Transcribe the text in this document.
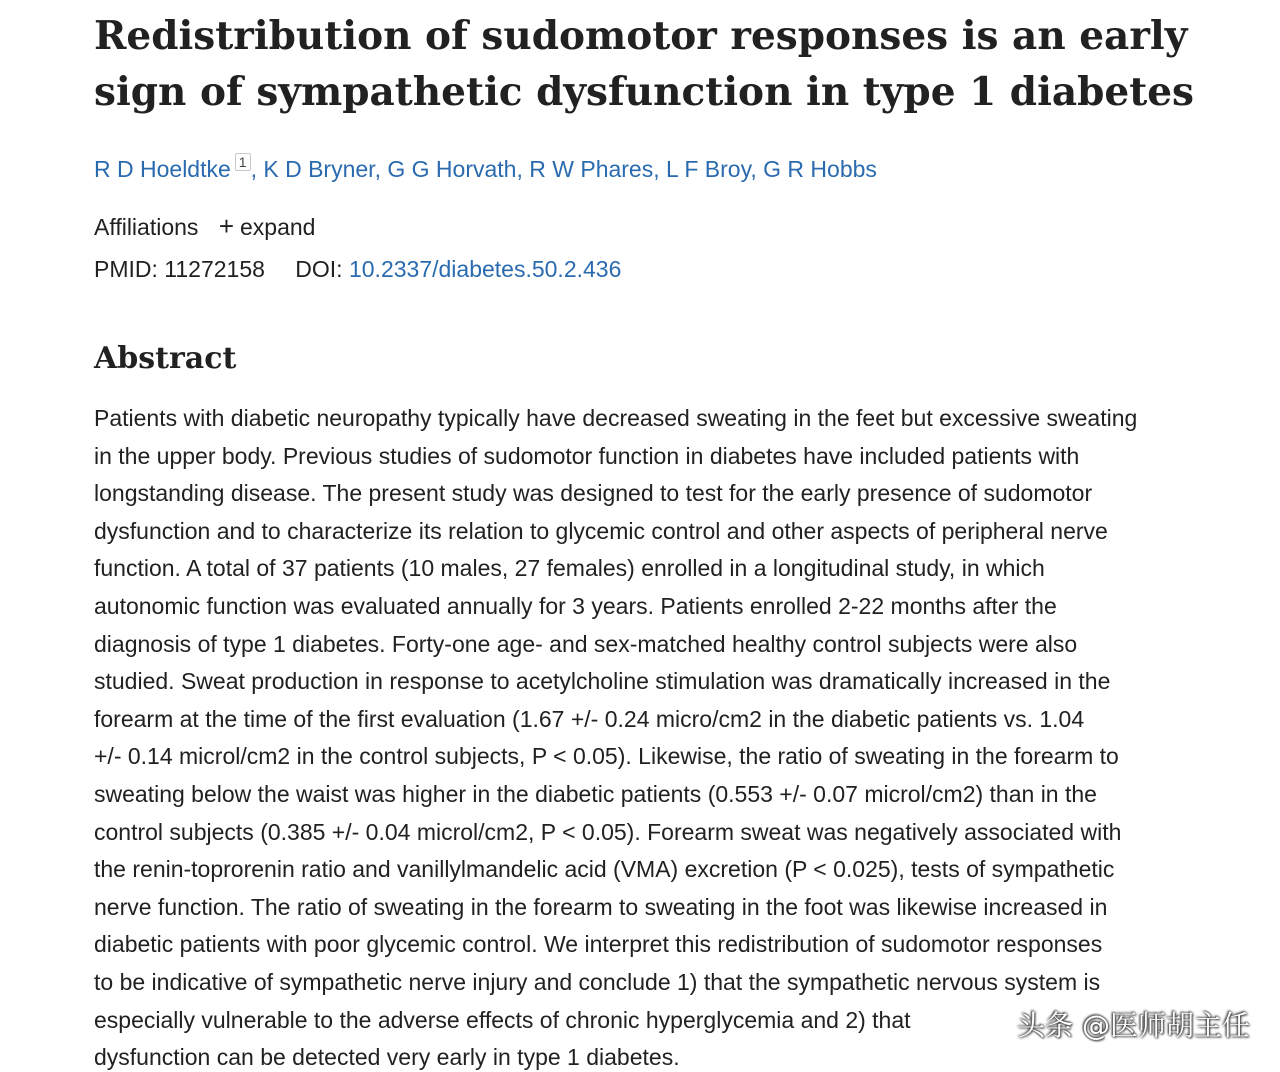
Redistribution of sudomotor responses is an early sign of sympathetic dysfunction in type 1 diabetes
R D Hoeldtke $^1$ , K D Bryner, G G Horvath, R W Phares, L F Broy, G R Hobbs
Affiliations + expand
PMID: 11272158 DOI: 10.2337/diabetes.50.2.436
Abstract
Patients with diabetic neuropathy typically have decreased sweating in the feet but excessive sweating
in the upper body. Previous studies of sudomotor function in diabetes have included patients with
longstanding disease. The present study was designed to test for the early presence of sudomotor
dysfunction and to characterize its relation to glycemic control and other aspects of peripheral nerve
function. A total of 37 patients (10 males, 27 females) enrolled in a longitudinal study, in which
autonomic function was evaluated annually for 3 years. Patients enrolled 2-22 months after the
diagnosis of type 1 diabetes. Forty-one age- and sex-matched healthy control subjects were also
studied. Sweat production in response to acetylcholine stimulation was dramatically increased in the
forearm at the time of the first evaluation (1.67 +/- 0.24 micro/cm2 in the diabetic patients vs. 1.04
+/- 0.14 microl/cm2 in the control subjects, P < 0.05). Likewise, the ratio of sweating in the forearm to
sweating below the waist was higher in the diabetic patients (0.553 +/- 0.07 microl/cm2) than in the
control subjects (0.385 +/- 0.04 microl/cm2, P < 0.05). Forearm sweat was negatively associated with
the renin-toprorenin ratio and vanillylmandelic acid (VMA) excretion (P < 0.025), tests of sympathetic
nerve function. The ratio of sweating in the forearm to sweating in the foot was likewise increased in
diabetic patients with poor glycemic control. We interpret this redistribution of sudomotor responses
to be indicative of sympathetic nerve injury and conclude 1) that the sympathetic nervous system is
especially vulnerable to the adverse effects of chronic hyperglycemia and 2) that
dysfunction can be detected very early in type 1 diabetes.
头条 @医师胡主任
